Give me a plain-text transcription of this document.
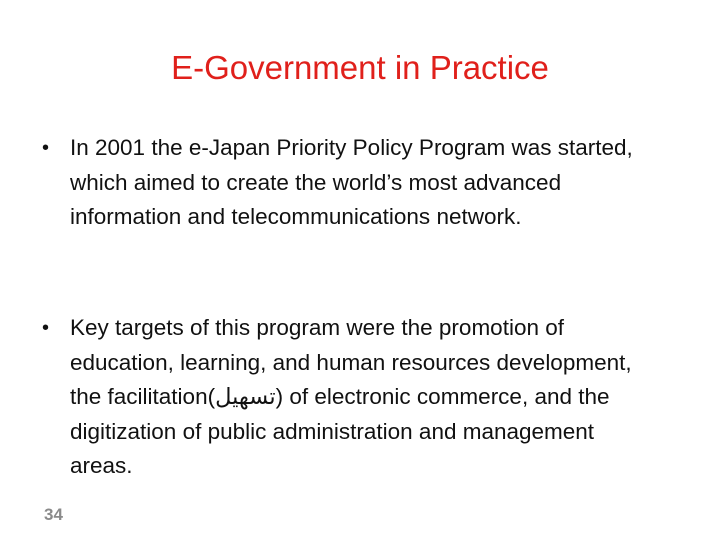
E-Government in Practice
• In 2001 the e-Japan Priority Policy Program was started, which aimed to create the world’s most advanced information and telecommunications network.
• Key targets of this program were the promotion of education, learning, and human resources development, the facilitation(تسهيل) of electronic commerce, and the digitization of public administration and management areas.
34
